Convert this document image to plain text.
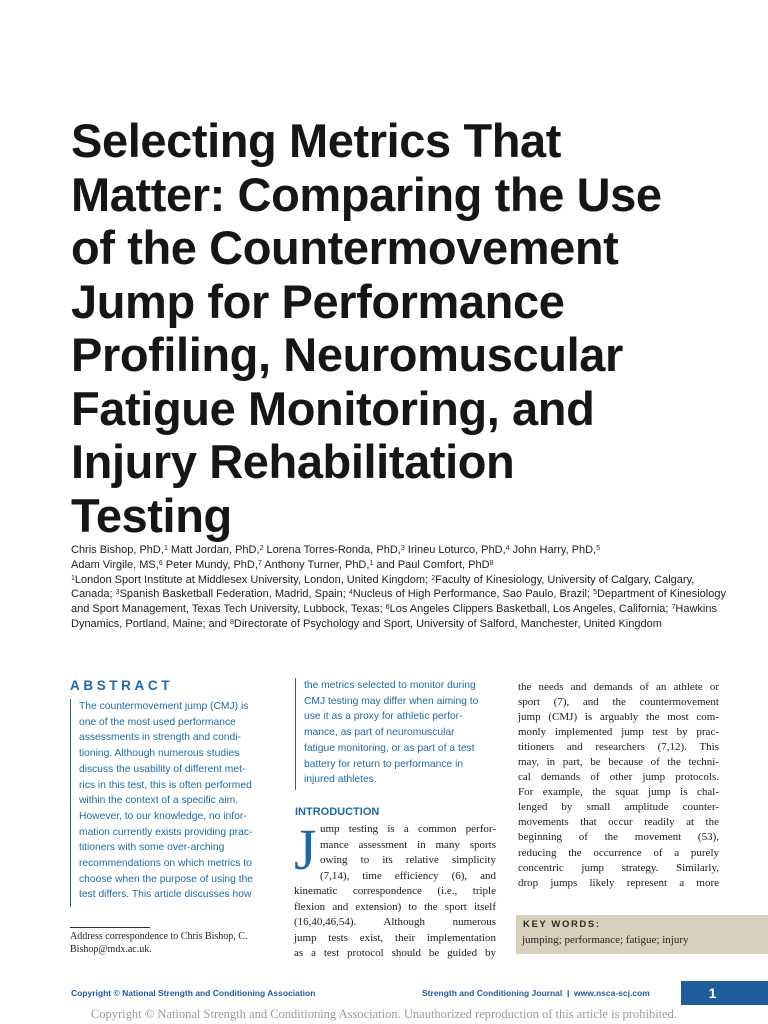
Selecting Metrics That
Matter: Comparing the Use
of the Countermovement
Jump for Performance
Profiling, Neuromuscular
Fatigue Monitoring, and
Injury Rehabilitation
Testing
Chris Bishop, PhD,$^1$ Matt Jordan, PhD,$^2$ Lorena Torres-Ronda, PhD,$^3$ Irineu Loturco, PhD,$^4$ John Harry, PhD,$^5$
Adam Virgile, MS,$^6$ Peter Mundy, PhD,$^7$ Anthony Turner, PhD,$^1$ and Paul Comfort, PhD$^8$
$^1$London Sport Institute at Middlesex University, London, United Kingdom; $^2$Faculty of Kinesiology, University of Calgary, Calgary, Canada; $^3$Spanish Basketball Federation, Madrid, Spain; $^4$Nucleus of High Performance, Sao Paulo, Brazil; $^5$Department of Kinesiology and Sport Management, Texas Tech University, Lubbock, Texas; $^6$Los Angeles Clippers Basketball, Los Angeles, California; $^7$Hawkins Dynamics, Portland, Maine; and $^8$Directorate of Psychology and Sport, University of Salford, Manchester, United Kingdom
ABSTRACT
The countermovement jump (CMJ) is
one of the most used performance
assessments in strength and condi-
tioning. Although numerous studies
discuss the usability of different met-
rics in this test, this is often performed
within the context of a specific aim.
However, to our knowledge, no infor-
mation currently exists providing prac-
titioners with some over-arching
recommendations on which metrics to
choose when the purpose of using the
test differs. This article discusses how
the metrics selected to monitor during
CMJ testing may differ when aiming to
use it as a proxy for athletic perfor-
mance, as part of neuromuscular
fatigue monitoring, or as part of a test
battery for return to performance in
injured athletes.
Address correspondence to Chris Bishop, C.
Bishop@mdx.ac.uk.
INTRODUCTION
J ump testing is a common perfor-
mance assessment in many sports
owing to its relative simplicity
(7,14), time efficiency (6), and
kinematic correspondence (i.e., triple
flexion and extension) to the sport itself
(16,40,46,54). Although numerous
jump tests exist, their implementation
as a test protocol should be guided by
the needs and demands of an athlete or
sport (7), and the countermovement
jump (CMJ) is arguably the most com-
monly implemented jump test by prac-
titioners and researchers (7,12). This
may, in part, be because of the techni-
cal demands of other jump protocols.
For example, the squat jump is chal-
lenged by small amplitude counter-
movements that occur readily at the
beginning of the movement (53),
reducing the occurrence of a purely
concentric jump strategy. Similarly,
drop jumps likely represent a more
KEY WORDS:
jumping; performance; fatigue; injury
Copyright © National Strength and Conditioning Association	Strength and Conditioning Journal  |  www.nsca-scj.com	1
Copyright © National Strength and Conditioning Association. Unauthorized reproduction of this article is prohibited.
